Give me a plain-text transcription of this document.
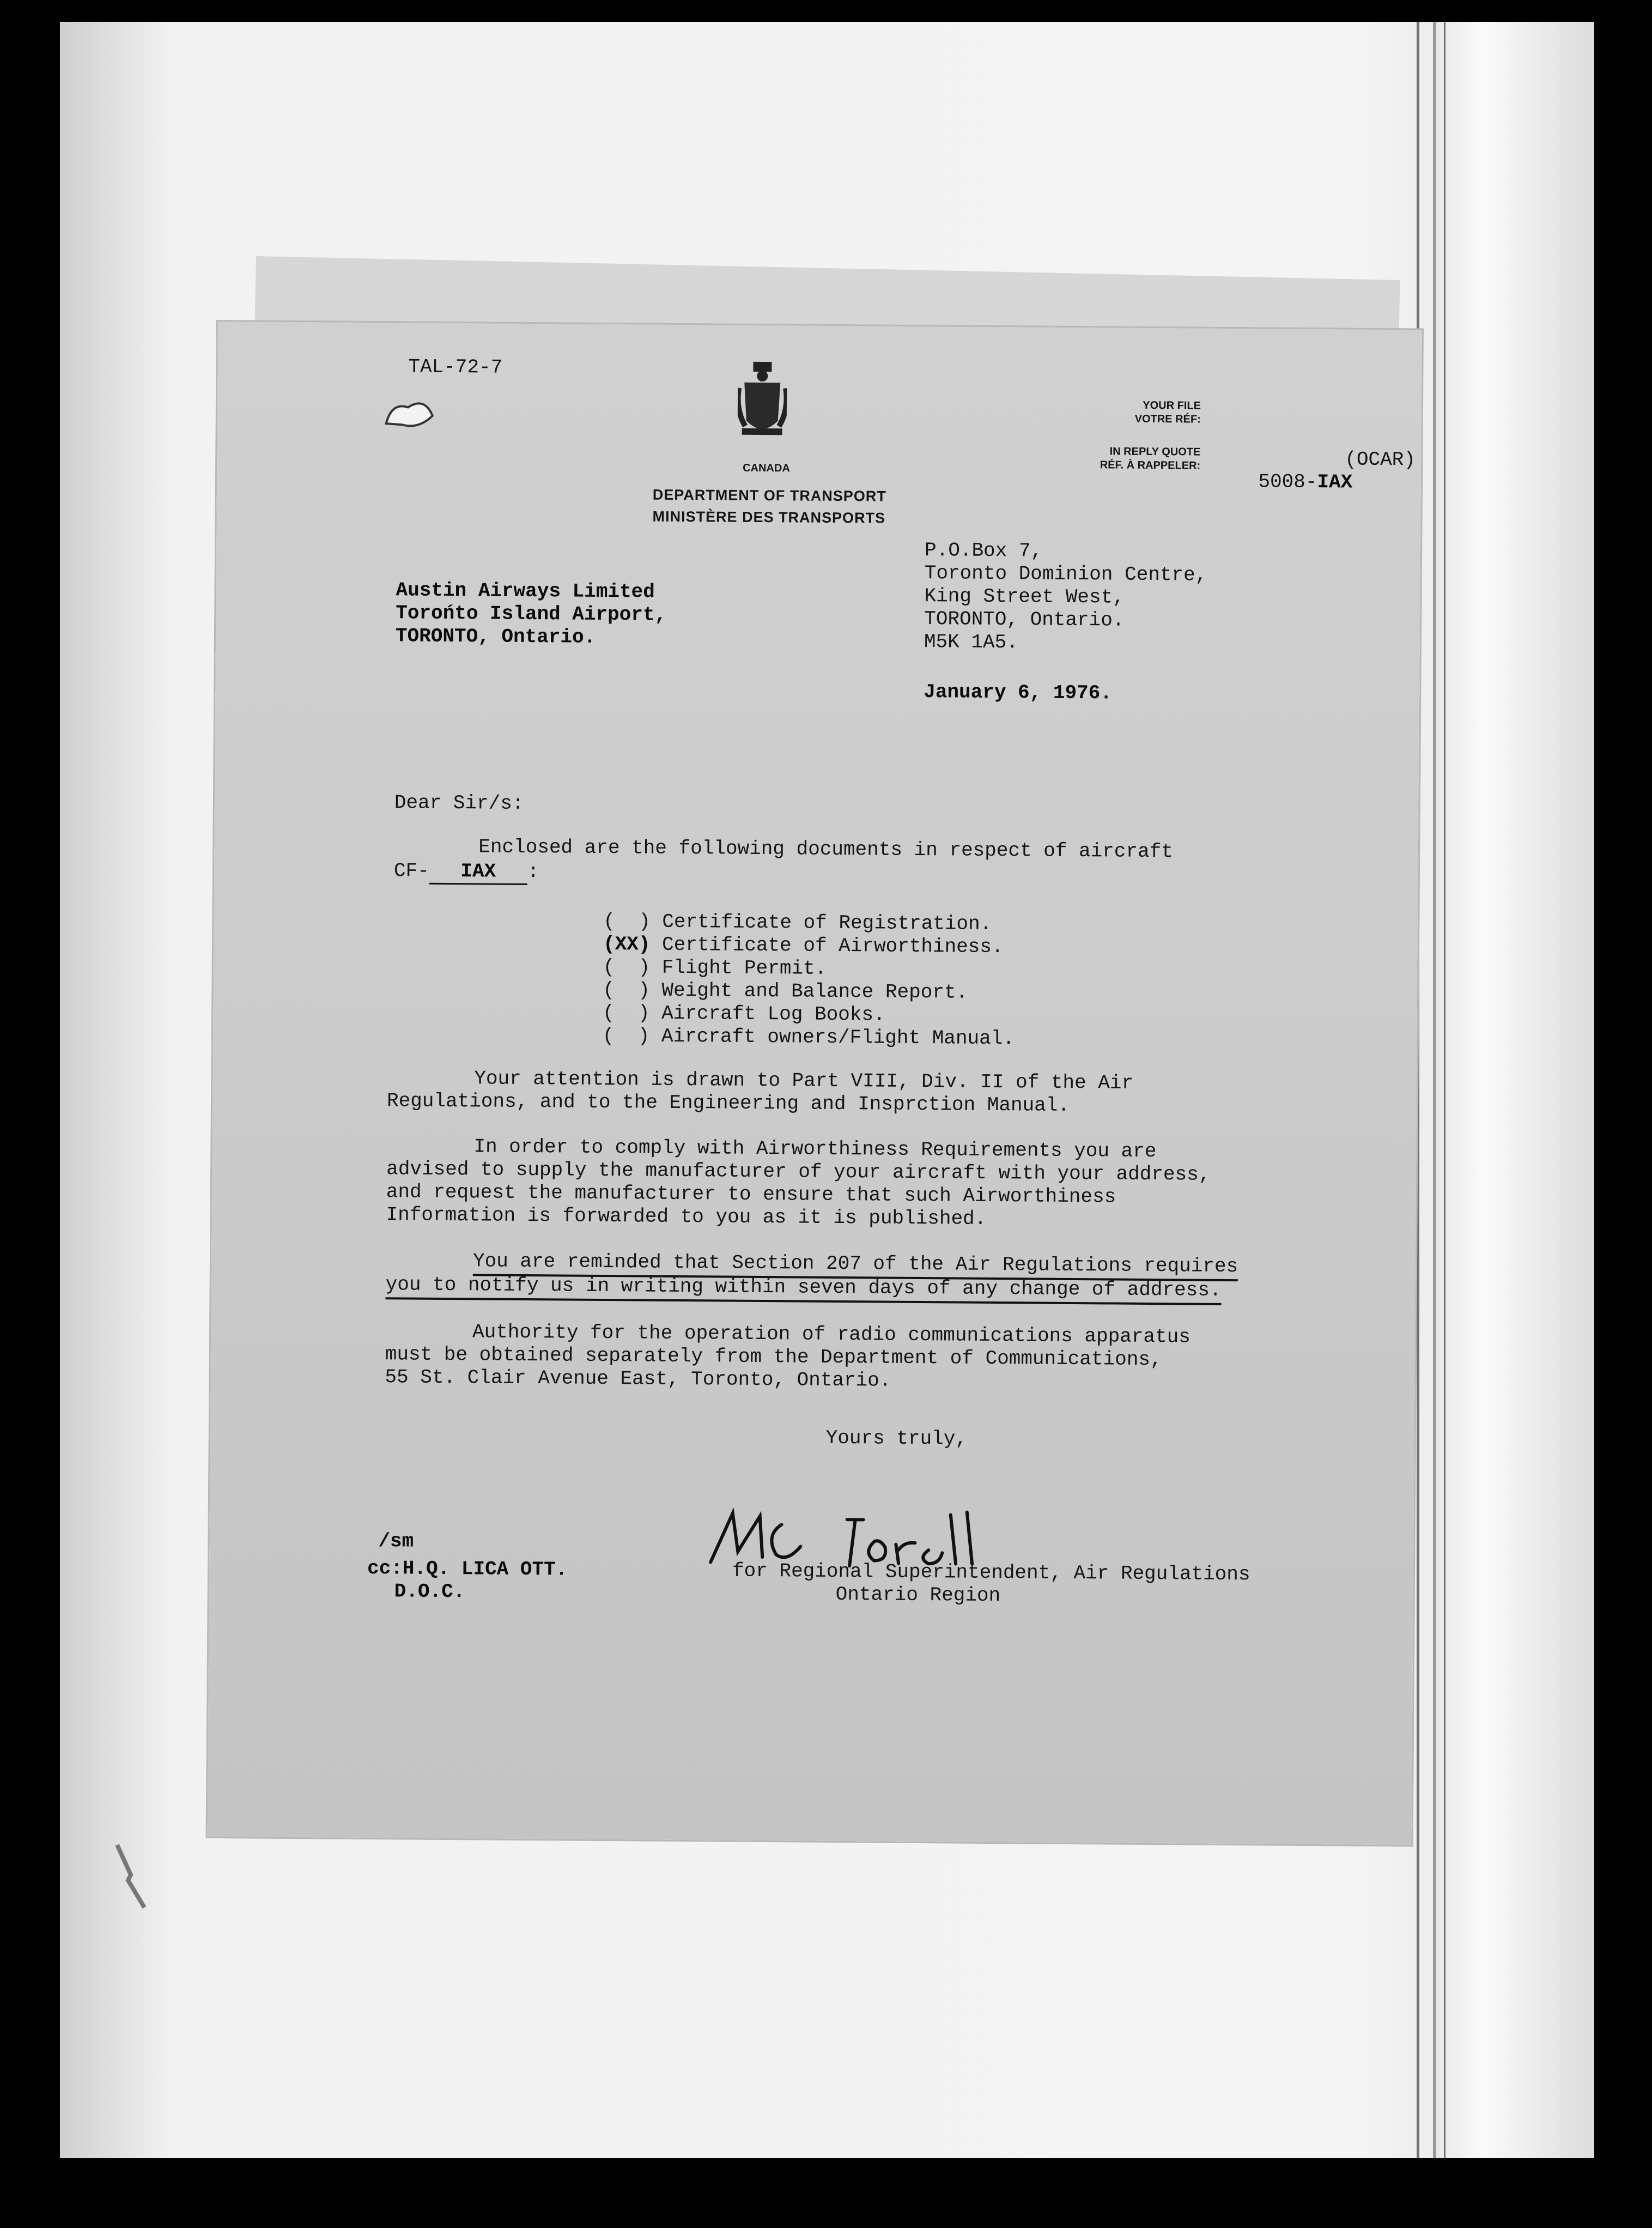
TAL-72-7
CANADA
DEPARTMENT OF TRANSPORT
MINISTÈRE DES TRANSPORTS
YOUR FILE
VOTRE RÉF:
IN REPLY QUOTE
RÉF. À RAPPELER:

5008-IAX

(OCAR)
P.O.Box 7,
Toronto Dominion Centre,
King Street West,
TORONTO, Ontario.
M5K 1A5.
January 6, 1976.
Austin Airways Limited
Torońto Island Airport,
TORONTO, Ontario.
Dear Sir/s:
Enclosed are the following documents in respect of aircraft
CF- IAX :
(  ) Certificate of Registration.
(XX) Certificate of Airworthiness.
(  ) Flight Permit.
(  ) Weight and Balance Report.
(  ) Aircraft Log Books.
(  ) Aircraft owners/Flight Manual.
Your attention is drawn to Part VIII, Div. II of the Air
Regulations, and to the Engineering and Insprction Manual.
In order to comply with Airworthiness Requirements you are
advised to supply the manufacturer of your aircraft with your address,
and request the manufacturer to ensure that such Airworthiness
Information is forwarded to you as it is published.
You are reminded that Section 207 of the Air Regulations requires
you to notify us in writing within seven days of any change of address.
Authority for the operation of radio communications apparatus
must be obtained separately from the Department of Communications,
55 St. Clair Avenue East, Toronto, Ontario.
Yours truly,
for Regional Superintendent, Air Regulations
Ontario Region
/sm
cc:H.Q. LICA OTT.
D.O.C.
